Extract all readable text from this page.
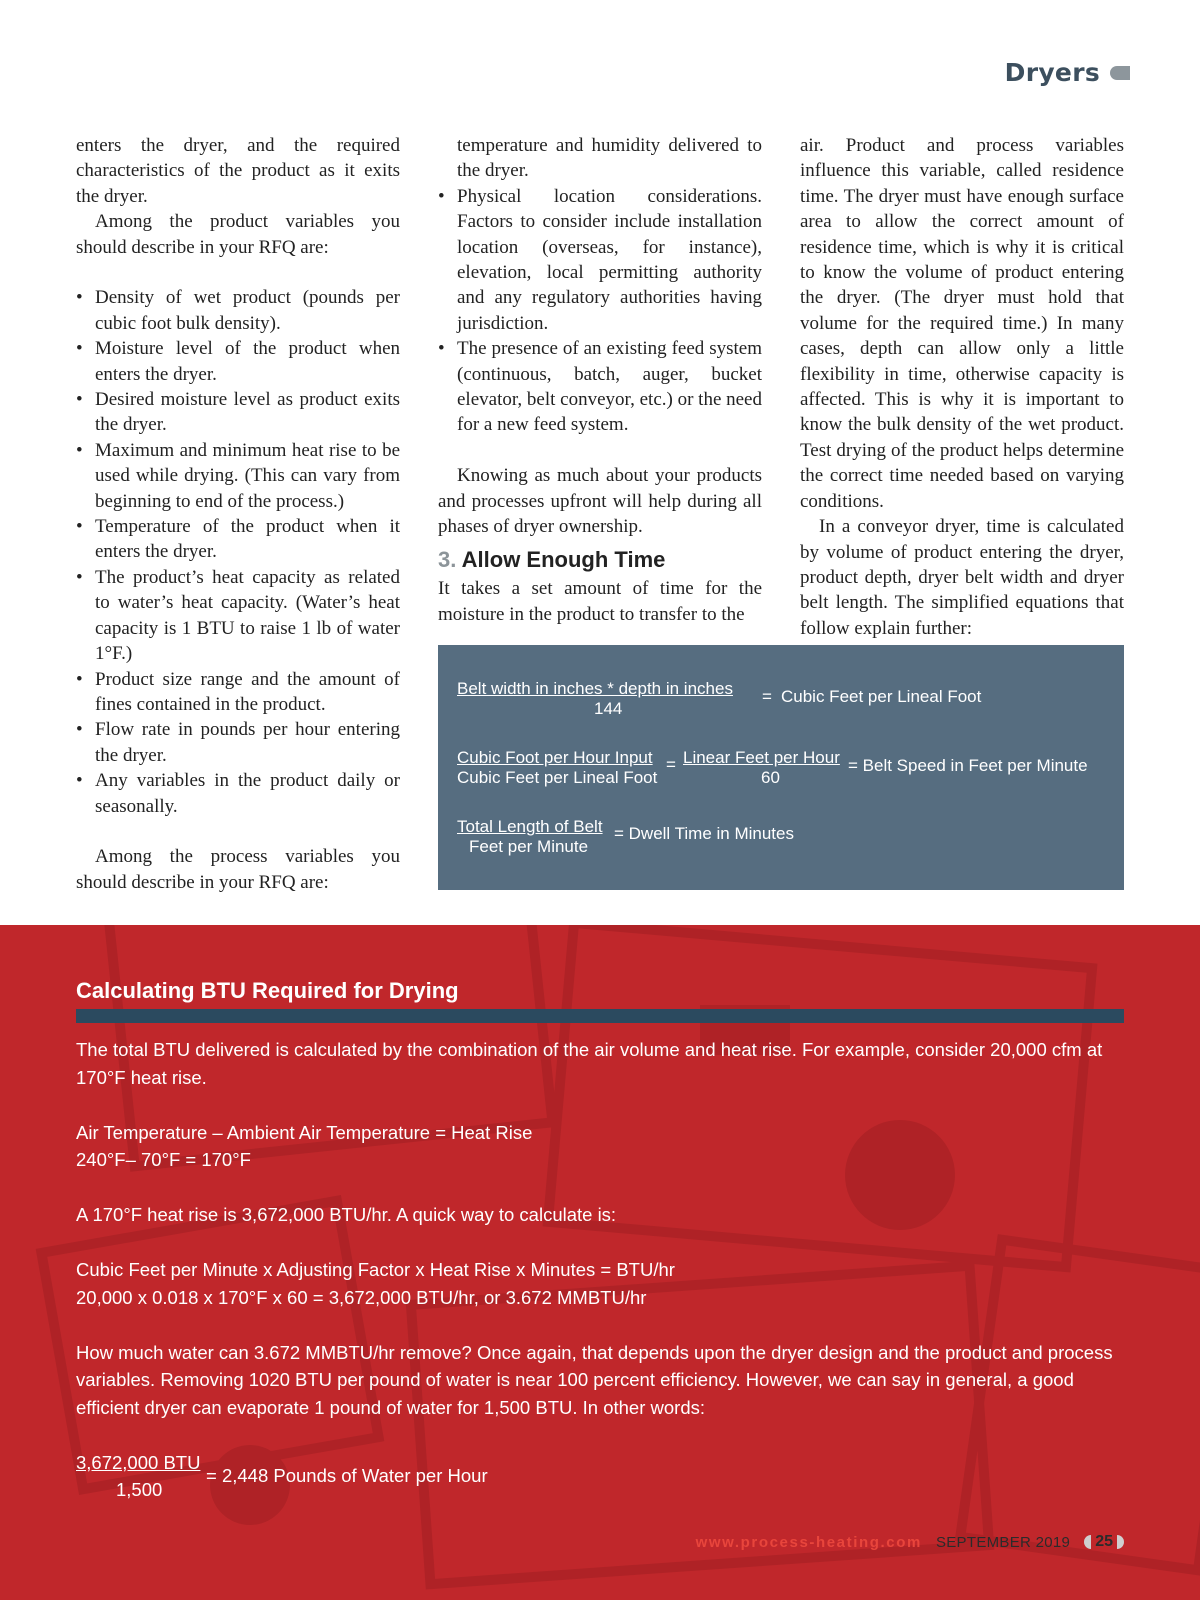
Dryers

enters the dryer, and the required characteristics of the product as it exits the dryer.

Among the product variables you should describe in your RFQ are:

• Density of wet product (pounds per cubic foot bulk density).
• Moisture level of the product when enters the dryer.
• Desired moisture level as product exits the dryer.
• Maximum and minimum heat rise to be used while drying. (This can vary from beginning to end of the process.)
• Temperature of the product when it enters the dryer.
• The product’s heat capacity as related to water’s heat capacity. (Water’s heat capacity is 1 BTU to raise 1 lb of water 1°F.)
• Product size range and the amount of fines contained in the product.
• Flow rate in pounds per hour entering the dryer.
• Any variables in the product daily or seasonally.

Among the process variables you should describe in your RFQ are:

•

temperature and humidity delivered to the dryer.

• Physical location considerations. Factors to consider include installation location (overseas, for instance), elevation, local permitting authority and any regulatory authorities having jurisdiction.
• The presence of an existing feed system (continuous, batch, auger, bucket elevator, belt conveyor, etc.) or the need for a new feed system.

Knowing as much about your products and processes upfront will help during all phases of dryer ownership.

3. Allow Enough Time

It takes a set amount of time for the moisture in the product to transfer to the

air. Product and process variables influence this variable, called residence time. The dryer must have enough surface area to allow the correct amount of residence time, which is why it is critical to know the volume of product entering the dryer. (The dryer must hold that volume for the required time.) In many cases, depth can allow only a little flexibility in time, otherwise capacity is affected. This is why it is important to know the bulk density of the wet product. Test drying of the product helps determine the correct time needed based on varying conditions.

In a conveyor dryer, time is calculated by volume of product entering the dryer, product depth, dryer belt width and dryer belt length. The simplified equations that follow explain further:

Belt width in inches * depth in inches
144
= Cubic Feet per Lineal Foot
Cubic Foot per Hour Input
Cubic Feet per Lineal Foot
= Linear Feet per Hour
60
= Belt Speed in Feet per Minute
Total Length of Belt
Feet per Minute
= Dwell Time in Minutes
Calculating BTU Required for Drying

The total BTU delivered is calculated by the combination of the air volume and heat rise. For example, consider 20,000 cfm at 170°F heat rise.

Air Temperature – Ambient Air Temperature = Heat Rise

240°F– 70°F = 170°F

A 170°F heat rise is 3,672,000 BTU/hr. A quick way to calculate is:

Cubic Feet per Minute x Adjusting Factor x Heat Rise x Minutes = BTU/hr

20,000 x 0.018 x 170°F x 60 = 3,672,000 BTU/hr, or 3.672 MMBTU/hr

How much water can 3.672 MMBTU/hr remove? Once again, that depends upon the dryer design and the product and process variables. Removing 1020 BTU per pound of water is near 100 percent efficiency. However, we can say in general, a good efficient dryer can evaporate 1 pound of water for 1,500 BTU. In other words:

3,672,000 BTU
1,500
= 2,448 Pounds of Water per Hour
www.process-heating.com SEPTEMBER 2019 25
